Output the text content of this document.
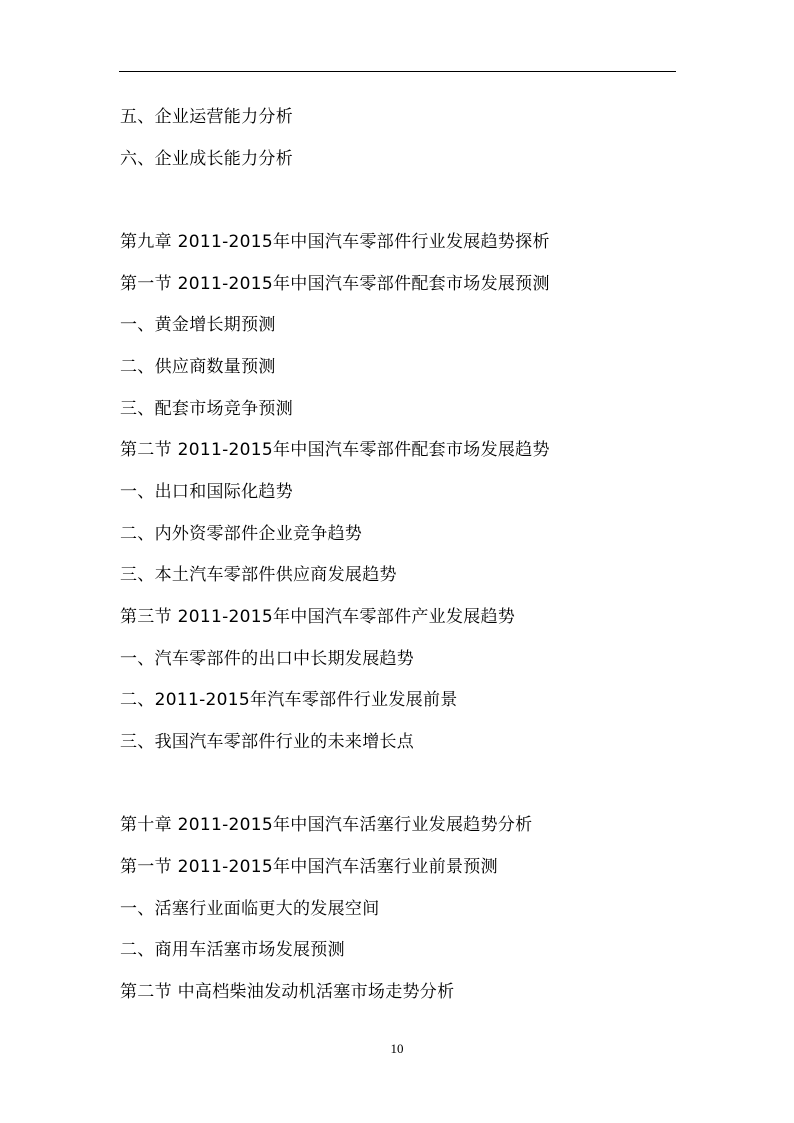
五、企业运营能力分析
六、企业成长能力分析
第九章 2011-2015年中国汽车零部件行业发展趋势探析
第一节 2011-2015年中国汽车零部件配套市场发展预测
一、黄金增长期预测
二、供应商数量预测
三、配套市场竞争预测
第二节 2011-2015年中国汽车零部件配套市场发展趋势
一、出口和国际化趋势
二、内外资零部件企业竞争趋势
三、本土汽车零部件供应商发展趋势
第三节 2011-2015年中国汽车零部件产业发展趋势
一、汽车零部件的出口中长期发展趋势
二、2011-2015年汽车零部件行业发展前景
三、我国汽车零部件行业的未来增长点
第十章 2011-2015年中国汽车活塞行业发展趋势分析
第一节 2011-2015年中国汽车活塞行业前景预测
一、活塞行业面临更大的发展空间
二、商用车活塞市场发展预测
第二节 中高档柴油发动机活塞市场走势分析
10
